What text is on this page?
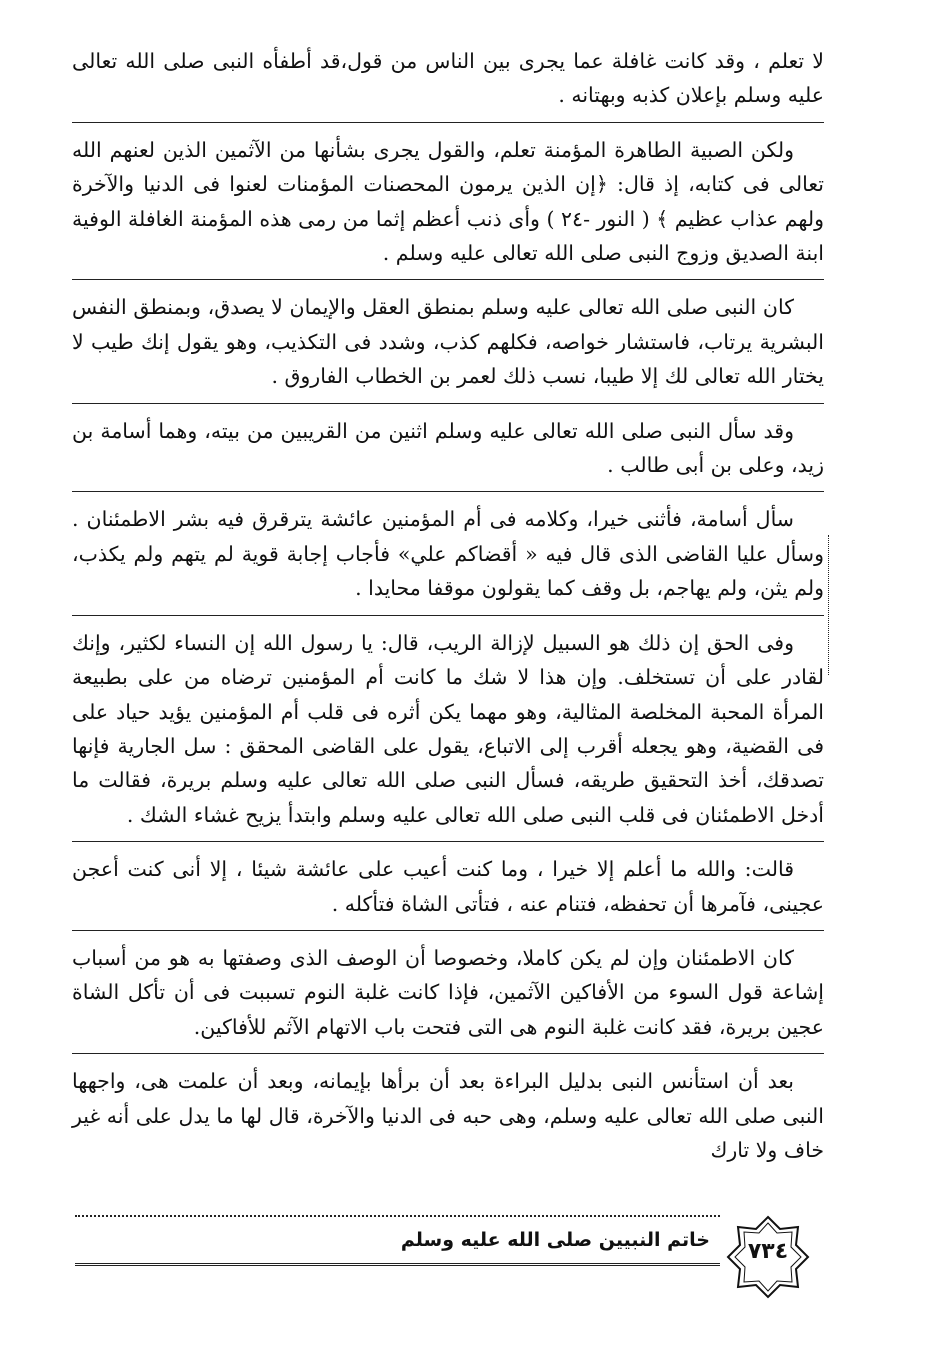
لا تعلم ، وقد كانت غافلة عما يجرى بين الناس من قول،قد أطفأه النبى صلى الله تعالى عليه وسلم بإعلان كذبه وبهتانه .

ولكن الصبية الطاهرة المؤمنة تعلم، والقول يجرى بشأنها من الآثمين الذين لعنهم الله تعالى فى كتابه، إذ قال: ﴿إن الذين يرمون المحصنات المؤمنات لعنوا فى الدنيا والآخرة ولهم عذاب عظيم ﴾ ( النور -٢٤ ) وأى ذنب أعظم إثما من رمى هذه المؤمنة الغافلة الوفية ابنة الصديق وزوج النبى صلى الله تعالى عليه وسلم .

كان النبى صلى الله تعالى عليه وسلم بمنطق العقل والإيمان لا يصدق، وبمنطق النفس البشرية يرتاب، فاستشار خواصه، فكلهم كذب، وشدد فى التكذيب، وهو يقول إنك طيب لا يختار الله تعالى لك إلا طيبا، نسب ذلك لعمر بن الخطاب الفاروق .

وقد سأل النبى صلى الله تعالى عليه وسلم اثنين من القريبين من بيته، وهما أسامة بن زيد، وعلى بن أبى طالب .

سأل أسامة، فأثنى خيرا، وكلامه فى أم المؤمنين عائشة يترقرق فيه بشر الاطمئنان . وسأل عليا القاضى الذى قال فيه « أقضاكم علي» فأجاب إجابة قوية لم يتهم ولم يكذب، ولم يثن، ولم يهاجم، بل وقف كما يقولون موقفا محايدا .

وفى الحق إن ذلك هو السبيل لإزالة الريب، قال: يا رسول الله إن النساء لكثير، وإنك لقادر على أن تستخلف. وإن هذا لا شك ما كانت أم المؤمنين ترضاه من على بطبيعة المرأة المحبة المخلصة المثالية، وهو مهما يكن أثره فى قلب أم المؤمنين يؤيد حياد على فى القضية، وهو يجعله أقرب إلى الاتباع، يقول على القاضى المحقق : سل الجارية فإنها تصدقك، أخذ التحقيق طريقه، فسأل النبى صلى الله تعالى عليه وسلم بريرة، فقالت ما أدخل الاطمئنان فى قلب النبى صلى الله تعالى عليه وسلم وابتدأ يزيح غشاء الشك .

قالت: والله ما أعلم إلا خيرا ، وما كنت أعيب على عائشة شيئا ، إلا أنى كنت أعجن عجينى، فآمرها أن تحفظه، فتنام عنه ، فتأتى الشاة فتأكله .

كان الاطمئنان وإن لم يكن كاملا، وخصوصا أن الوصف الذى وصفتها به هو من أسباب إشاعة قول السوء من الأفاكين الآثمين، فإذا كانت غلبة النوم تسببت فى أن تأكل الشاة عجين بريرة، فقد كانت غلبة النوم هى التى فتحت باب الاتهام الآثم للأفاكين.

بعد أن استأنس النبى بدليل البراءة بعد أن برأها بإيمانه، وبعد أن علمت هى، واجهها النبى صلى الله تعالى عليه وسلم، وهى حبه فى الدنيا والآخرة، قال لها ما يدل على أنه غير خاف ولا تارك

خاتم النبيين صلى الله عليه وسلم	٧٣٤
